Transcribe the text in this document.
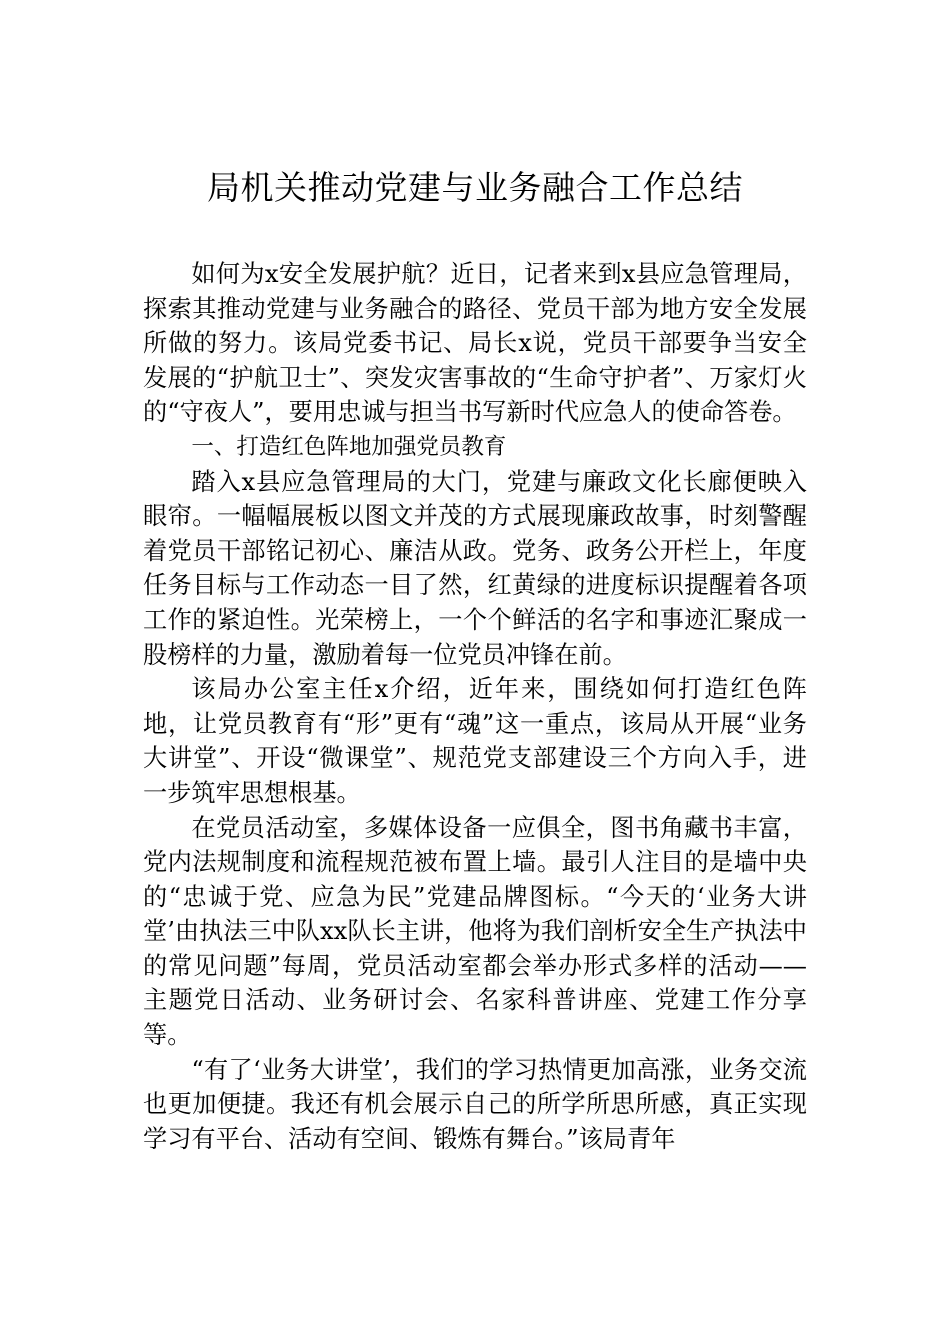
局机关推动党建与业务融合工作总结

如何为x安全发展护航？近日，记者来到x县应急管理局，探索其推动党建与业务融合的路径、党员干部为地方安全发展所做的努力。该局党委书记、局长x说，党员干部要争当安全发展的“护航卫士”、突发灾害事故的“生命守护者”、万家灯火的“守夜人”，要用忠诚与担当书写新时代应急人的使命答卷。

一、打造红色阵地加强党员教育

踏入x县应急管理局的大门，党建与廉政文化长廊便映入眼帘。一幅幅展板以图文并茂的方式展现廉政故事，时刻警醒着党员干部铭记初心、廉洁从政。党务、政务公开栏上，年度任务目标与工作动态一目了然，红黄绿的进度标识提醒着各项工作的紧迫性。光荣榜上，一个个鲜活的名字和事迹汇聚成一股榜样的力量，激励着每一位党员冲锋在前。

该局办公室主任x介绍，近年来，围绕如何打造红色阵地，让党员教育有“形”更有“魂”这一重点，该局从开展“业务大讲堂”、开设“微课堂”、规范党支部建设三个方向入手，进一步筑牢思想根基。

在党员活动室，多媒体设备一应俱全，图书角藏书丰富，党内法规制度和流程规范被布置上墙。最引人注目的是墙中央的“忠诚于党、应急为民”党建品牌图标。“今天的‘业务大讲堂’由执法三中队xx队长主讲，他将为我们剖析安全生产执法中的常见问题”每周，党员活动室都会举办形式多样的活动——主题党日活动、业务研讨会、名家科普讲座、党建工作分享等。

“有了‘业务大讲堂’，我们的学习热情更加高涨，业务交流也更加便捷。我还有机会展示自己的所学所思所感，真正实现学习有平台、活动有空间、锻炼有舞台。”该局青年
